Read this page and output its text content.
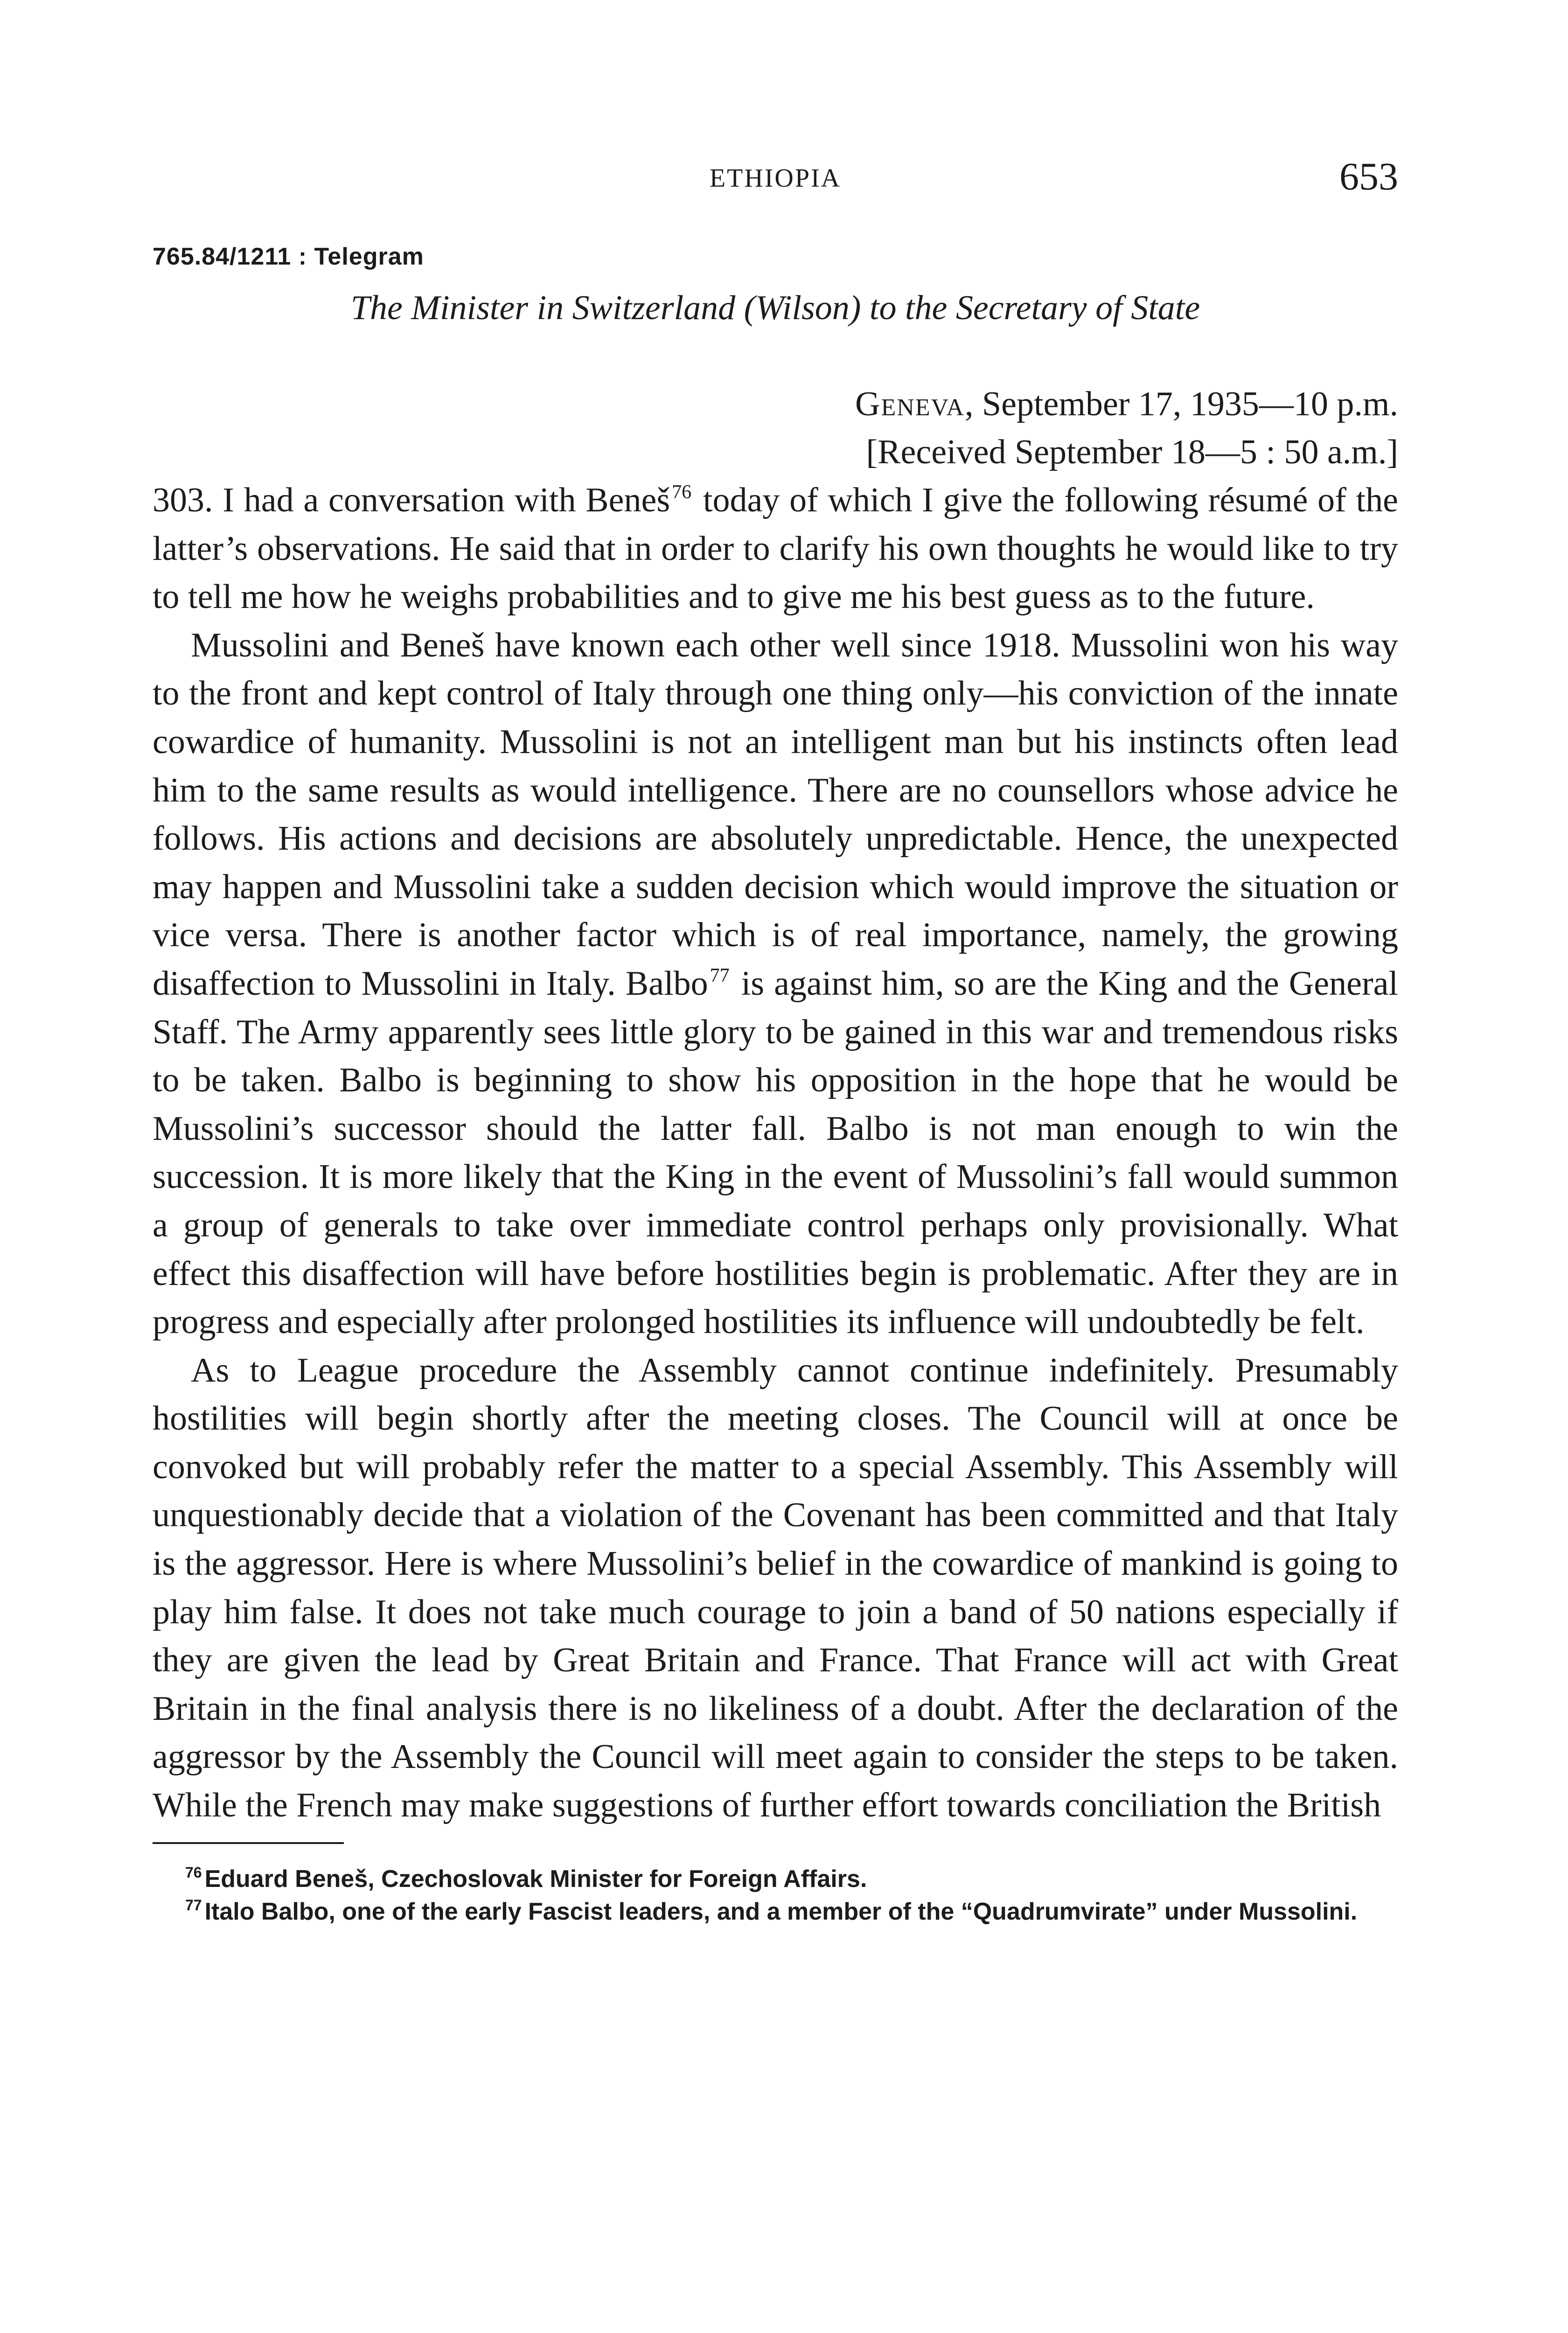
ETHIOPIA	653
765.84/1211 : Telegram
The Minister in Switzerland (Wilson) to the Secretary of State
Geneva, September 17, 1935—10 p.m.
[Received September 18—5 : 50 a.m.]

303. I had a conversation with Beneš$^{76}$ today of which I give the following résumé of the latter’s observations. He said that in order to clarify his own thoughts he would like to try to tell me how he weighs probabilities and to give me his best guess as to the future.

Mussolini and Beneš have known each other well since 1918. Mussolini won his way to the front and kept control of Italy through one thing only—his conviction of the innate cowardice of humanity. Mussolini is not an intelligent man but his instincts often lead him to the same results as would intelligence. There are no counsellors whose advice he follows. His actions and decisions are absolutely unpredictable. Hence, the unexpected may happen and Mussolini take a sudden decision which would improve the situation or vice versa. There is another factor which is of real importance, namely, the growing disaffection to Mussolini in Italy. Balbo$^{77}$ is against him, so are the King and the General Staff. The Army apparently sees little glory to be gained in this war and tremendous risks to be taken. Balbo is beginning to show his opposition in the hope that he would be Mussolini’s successor should the latter fall. Balbo is not man enough to win the succession. It is more likely that the King in the event of Mussolini’s fall would summon a group of generals to take over immediate control perhaps only provisionally. What effect this disaffection will have before hostilities begin is problematic. After they are in progress and especially after prolonged hostilities its influence will undoubtedly be felt.

As to League procedure the Assembly cannot continue indefinitely. Presumably hostilities will begin shortly after the meeting closes. The Council will at once be convoked but will probably refer the matter to a special Assembly. This Assembly will unquestionably decide that a violation of the Covenant has been committed and that Italy is the aggressor. Here is where Mussolini’s belief in the cowardice of mankind is going to play him false. It does not take much courage to join a band of 50 nations especially if they are given the lead by Great Britain and France. That France will act with Great Britain in the final analysis there is no likeliness of a doubt. After the declaration of the aggressor by the Assembly the Council will meet again to consider the steps to be taken. While the French may make suggestions of further effort towards conciliation the British

$^{76}$ Eduard Beneš, Czechoslovak Minister for Foreign Affairs.

$^{77}$ Italo Balbo, one of the early Fascist leaders, and a member of the “Quadrumvirate” under Mussolini.
